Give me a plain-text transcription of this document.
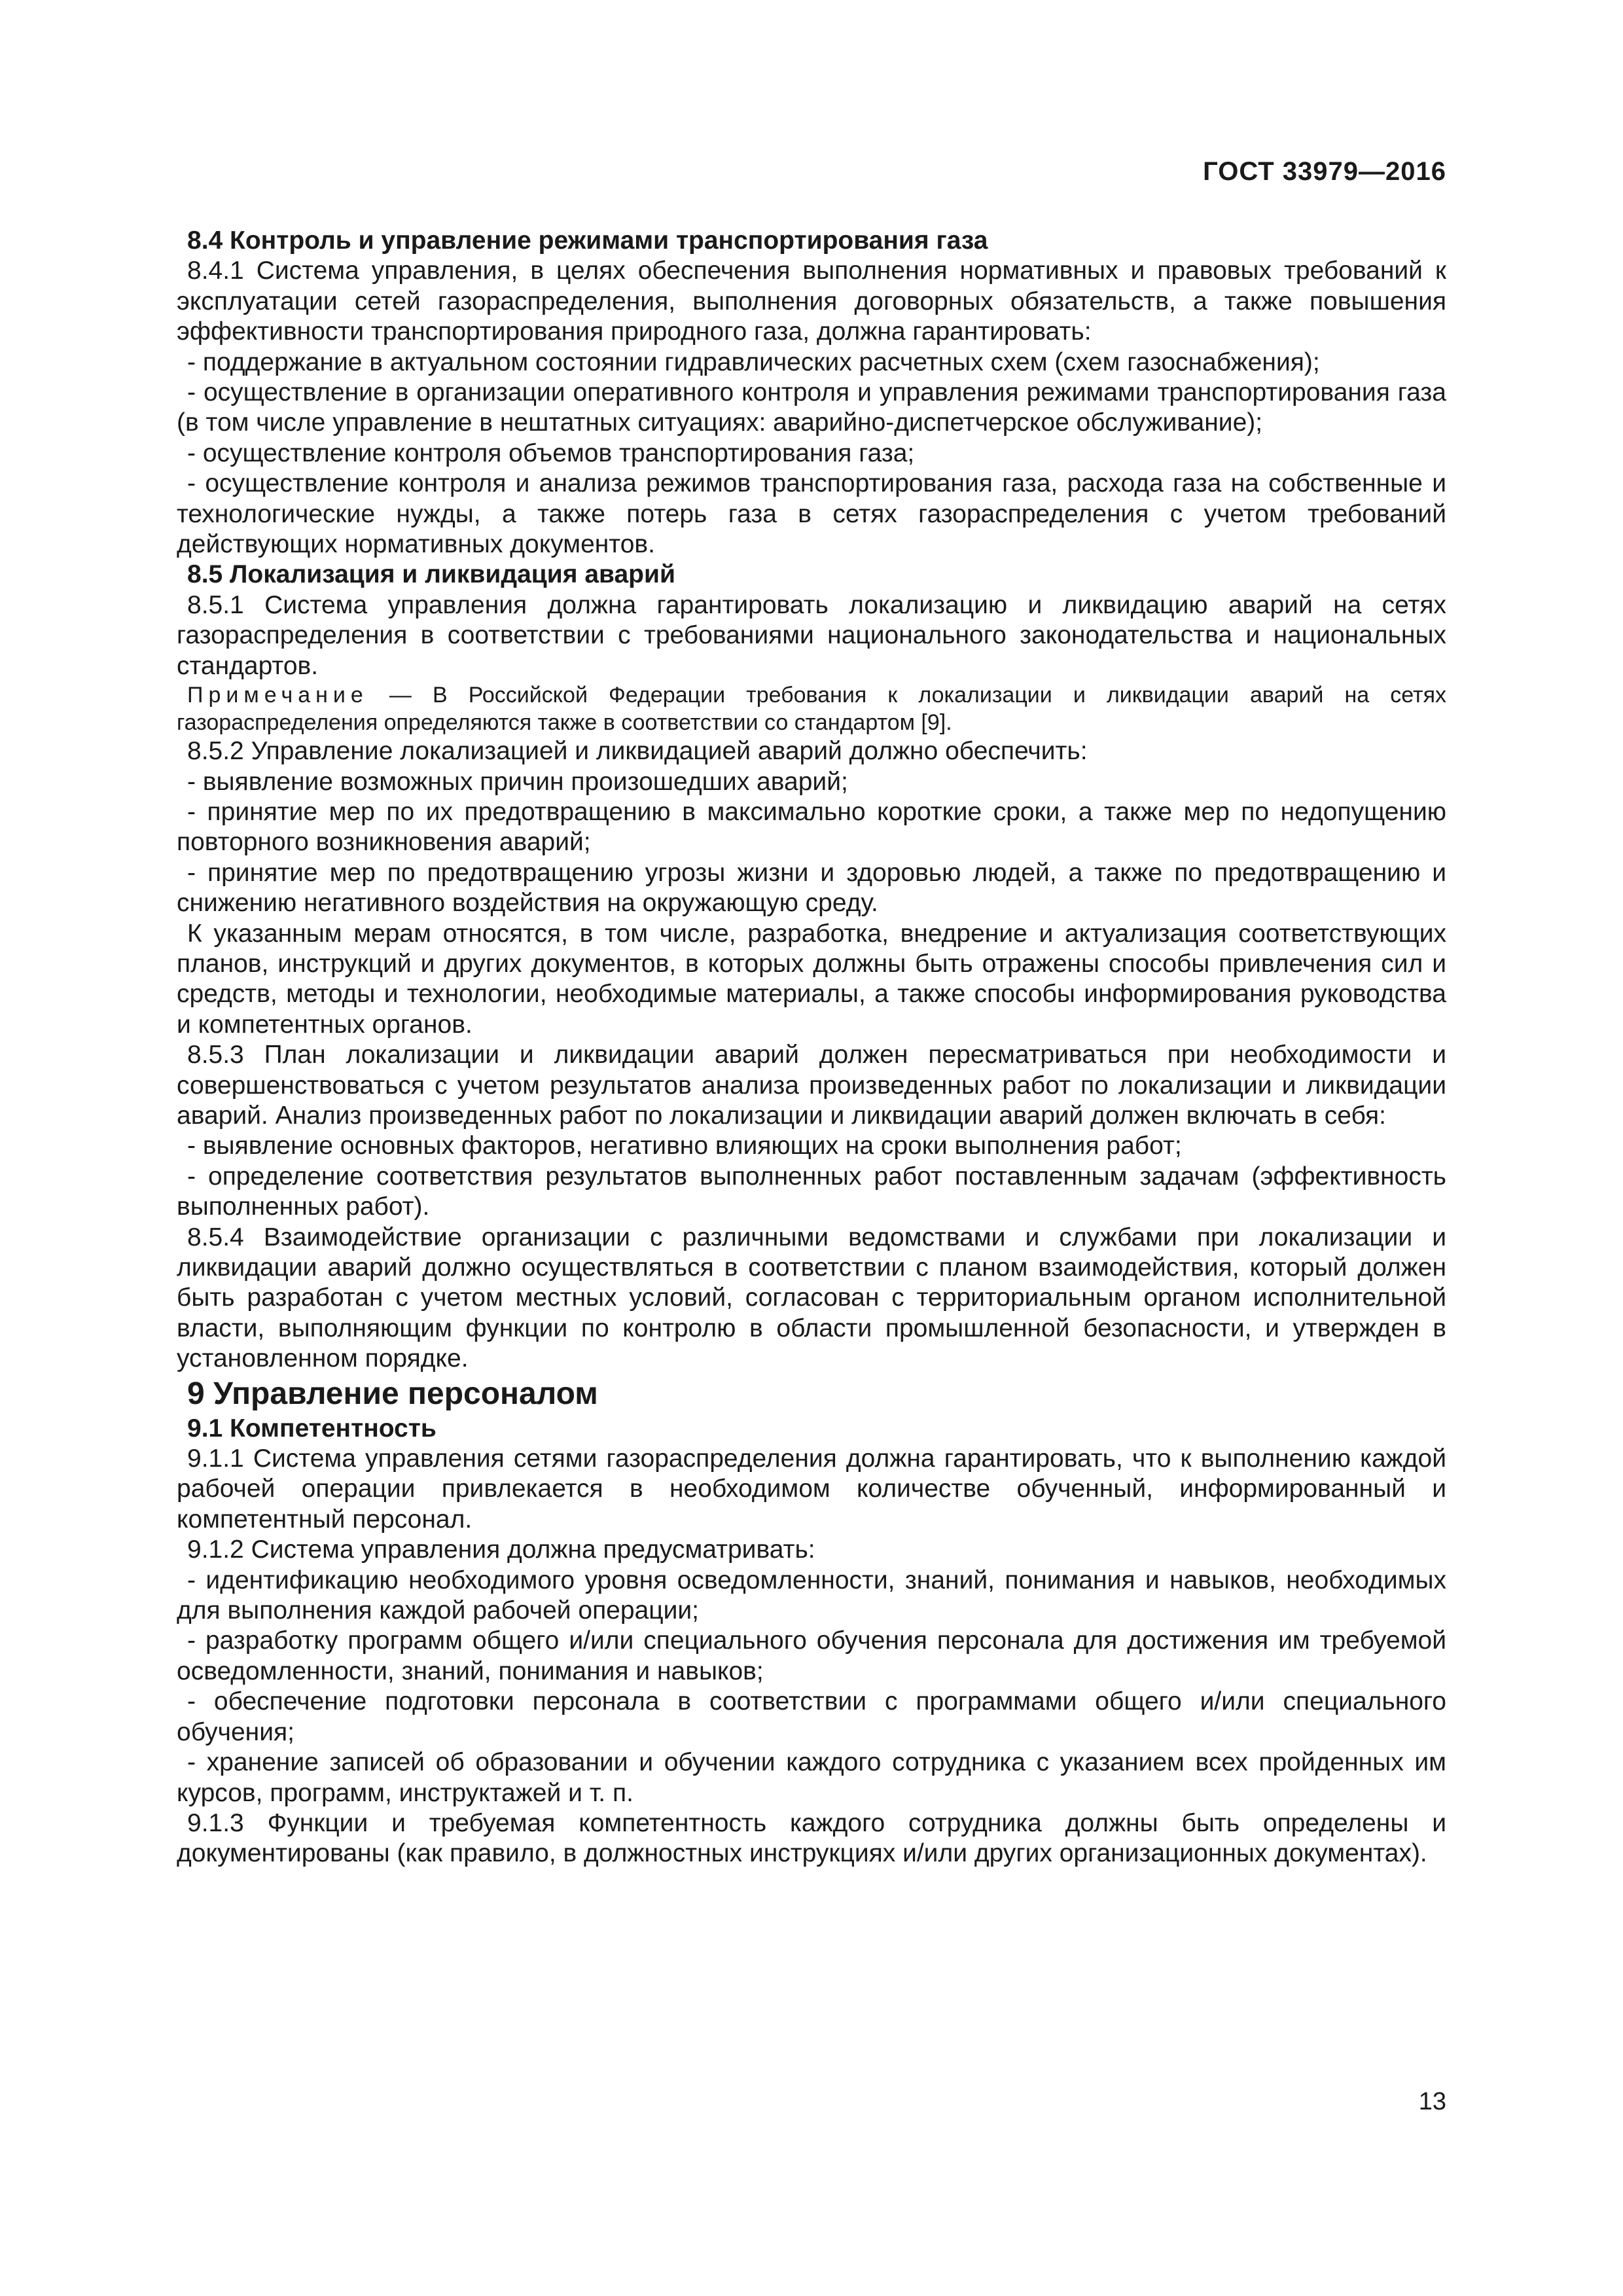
ГОСТ 33979—2016

8.4 Контроль и управление режимами транспортирования газа

8.4.1 Система управления, в целях обеспечения выполнения нормативных и правовых требований к эксплуатации сетей газораспределения, выполнения договорных обязательств, а также повышения эффективности транспортирования природного газа, должна гарантировать:

- поддержание в актуальном состоянии гидравлических расчетных схем (схем газоснабжения);

- осуществление в организации оперативного контроля и управления режимами транспортирования газа (в том числе управление в нештатных ситуациях: аварийно-диспетчерское обслуживание);

- осуществление контроля объемов транспортирования газа;

- осуществление контроля и анализа режимов транспортирования газа, расхода газа на собственные и технологические нужды, а также потерь газа в сетях газораспределения с учетом требований действующих нормативных документов.

8.5 Локализация и ликвидация аварий

8.5.1 Система управления должна гарантировать локализацию и ликвидацию аварий на сетях газораспределения в соответствии с требованиями национального законодательства и национальных стандартов.

Примечание — В Российской Федерации требования к локализации и ликвидации аварий на сетях газораспределения определяются также в соответствии со стандартом [9].

8.5.2 Управление локализацией и ликвидацией аварий должно обеспечить:

- выявление возможных причин произошедших аварий;

- принятие мер по их предотвращению в максимально короткие сроки, а также мер по недопущению повторного возникновения аварий;

- принятие мер по предотвращению угрозы жизни и здоровью людей, а также по предотвращению и снижению негативного воздействия на окружающую среду.

К указанным мерам относятся, в том числе, разработка, внедрение и актуализация соответствующих планов, инструкций и других документов, в которых должны быть отражены способы привлечения сил и средств, методы и технологии, необходимые материалы, а также способы информирования руководства и компетентных органов.

8.5.3 План локализации и ликвидации аварий должен пересматриваться при необходимости и совершенствоваться с учетом результатов анализа произведенных работ по локализации и ликвидации аварий. Анализ произведенных работ по локализации и ликвидации аварий должен включать в себя:

- выявление основных факторов, негативно влияющих на сроки выполнения работ;

- определение соответствия результатов выполненных работ поставленным задачам (эффективность выполненных работ).

8.5.4 Взаимодействие организации с различными ведомствами и службами при локализации и ликвидации аварий должно осуществляться в соответствии с планом взаимодействия, который должен быть разработан с учетом местных условий, согласован с территориальным органом исполнительной власти, выполняющим функции по контролю в области промышленной безопасности, и утвержден в установленном порядке.

9 Управление персоналом

9.1 Компетентность

9.1.1 Система управления сетями газораспределения должна гарантировать, что к выполнению каждой рабочей операции привлекается в необходимом количестве обученный, информированный и компетентный персонал.

9.1.2 Система управления должна предусматривать:

- идентификацию необходимого уровня осведомленности, знаний, понимания и навыков, необходимых для выполнения каждой рабочей операции;

- разработку программ общего и/или специального обучения персонала для достижения им требуемой осведомленности, знаний, понимания и навыков;

- обеспечение подготовки персонала в соответствии с программами общего и/или специального обучения;

- хранение записей об образовании и обучении каждого сотрудника с указанием всех пройденных им курсов, программ, инструктажей и т. п.

9.1.3 Функции и требуемая компетентность каждого сотрудника должны быть определены и документированы (как правило, в должностных инструкциях и/или других организационных документах).

13
